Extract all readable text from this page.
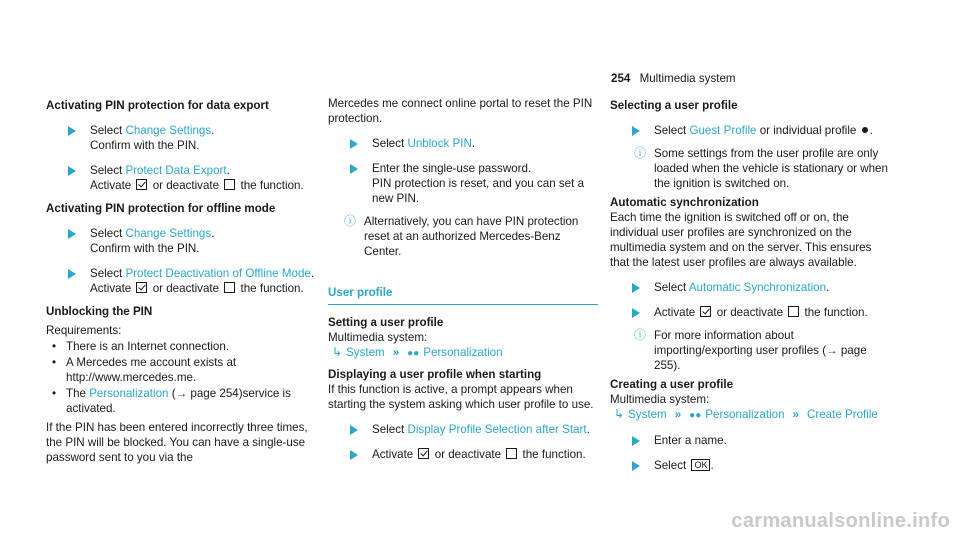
254 Multimedia system
Activating PIN protection for data export

Select Change Settings.

Confirm with the PIN.

Select Protect Data Export.

Activate  or deactivate  the function.

Activating PIN protection for offline mode

Select Change Settings.

Confirm with the PIN.

Select Protect Deactivation of Offline Mode.

Activate  or deactivate  the function.

Unblocking the PIN

Requirements:

• There is an Internet connection.
• A Mercedes me account exists at http://www.mercedes.me.
• The Personalization (→ page 254)service is activated.

If the PIN has been entered incorrectly three times, the PIN will be blocked. You can have a single-use password sent to you via the

Mercedes me connect online portal to reset the PIN protection.

Select Unblock PIN.

Enter the single-use password.

PIN protection is reset, and you can set a new PIN.

ⓘ Alternatively, you can have PIN protection reset at an authorized Mercedes-Benz Center.
User profile
Setting a user profile

Multimedia system:

↳ System » ●● Personalization

Displaying a user profile when starting

If this function is active, a prompt appears when starting the system asking which user profile to use.

Select Display Profile Selection after Start.

Activate  or deactivate  the function.

Selecting a user profile

Select Guest Profile or individual profile .

ⓘ Some settings from the user profile are only loaded when the vehicle is stationary or when the ignition is switched on.
Automatic synchronization

Each time the ignition is switched off or on, the individual user profiles are synchronized on the multimedia system and on the server. This ensures that the latest user profiles are always available.

Select Automatic Synchronization.

Activate  or deactivate  the function.

ⓘ For more information about importing/exporting user profiles (→ page 255).
Creating a user profile

Multimedia system:

↳ System » ●● Personalization » Create Profile

Enter a name.

Select OK .

carmanualsonline.info
